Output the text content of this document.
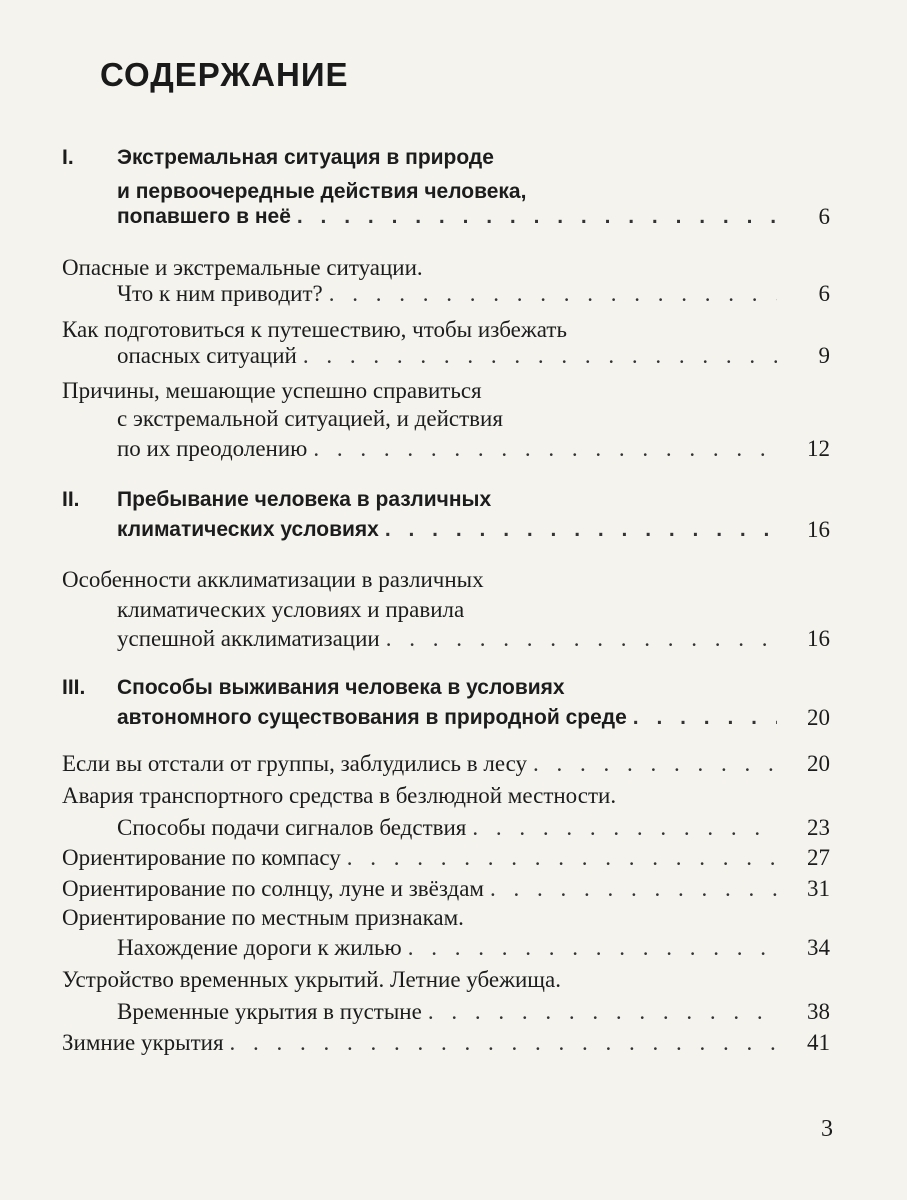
СОДЕРЖАНИЕ
I. Экстремальная ситуация в природе
и первоочередные действия человека,
попавшего в неё . . .	6
Опасные и экстремальные ситуации.
Что к ним приводит? . . .	6
Как подготовиться к путешествию, чтобы избежать
опасных ситуаций . . .	9
Причины, мешающие успешно справиться
с экстремальной ситуацией, и действия
по их преодолению . . .	12
II. Пребывание человека в различных
климатических условиях . . .	16
Особенности акклиматизации в различных
климатических условиях и правила
успешной акклиматизации . . .	16
III. Способы выживания человека в условиях
автономного существования в природной среде . . .	20
Если вы отстали от группы, заблудились в лесу . . .	20
Авария транспортного средства в безлюдной местности.
Способы подачи сигналов бедствия . . .	23
Ориентирование по компасу . . .	27
Ориентирование по солнцу, луне и звёздам . . .	31
Ориентирование по местным признакам.
Нахождение дороги к жилью . . .	34
Устройство временных укрытий. Летние убежища.
Временные укрытия в пустыне . . .	38
Зимние укрытия . . .	41
3
